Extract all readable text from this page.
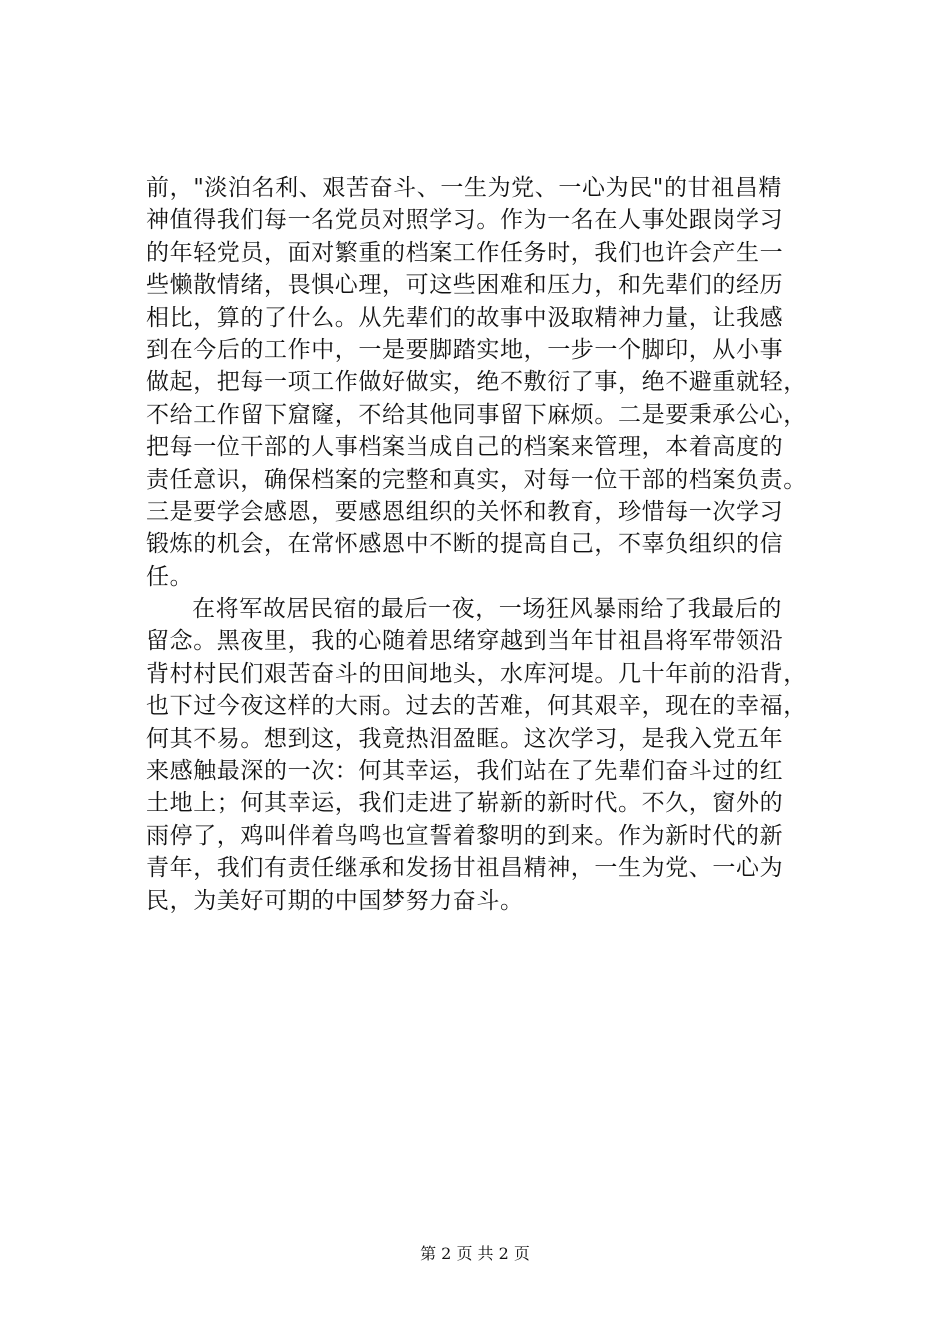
前，"淡泊名利、艰苦奋斗、一生为党、一心为民"的甘祖昌精
神值得我们每一名党员对照学习。作为一名在人事处跟岗学习
的年轻党员，面对繁重的档案工作任务时，我们也许会产生一
些懒散情绪，畏惧心理，可这些困难和压力，和先辈们的经历
相比，算的了什么。从先辈们的故事中汲取精神力量，让我感
到在今后的工作中，一是要脚踏实地，一步一个脚印，从小事
做起，把每一项工作做好做实，绝不敷衍了事，绝不避重就轻，
不给工作留下窟窿，不给其他同事留下麻烦。二是要秉承公心，
把每一位干部的人事档案当成自己的档案来管理，本着高度的
责任意识，确保档案的完整和真实，对每一位干部的档案负责。
三是要学会感恩，要感恩组织的关怀和教育，珍惜每一次学习
锻炼的机会，在常怀感恩中不断的提高自己，不辜负组织的信
任。
在将军故居民宿的最后一夜，一场狂风暴雨给了我最后的
留念。黑夜里，我的心随着思绪穿越到当年甘祖昌将军带领沿
背村村民们艰苦奋斗的田间地头，水库河堤。几十年前的沿背，
也下过今夜这样的大雨。过去的苦难，何其艰辛，现在的幸福，
何其不易。想到这，我竟热泪盈眶。这次学习，是我入党五年
来感触最深的一次：何其幸运，我们站在了先辈们奋斗过的红
土地上；何其幸运，我们走进了崭新的新时代。不久，窗外的
雨停了，鸡叫伴着鸟鸣也宣誓着黎明的到来。作为新时代的新
青年，我们有责任继承和发扬甘祖昌精神，一生为党、一心为
民，为美好可期的中国梦努力奋斗。
第 2 页 共 2 页
